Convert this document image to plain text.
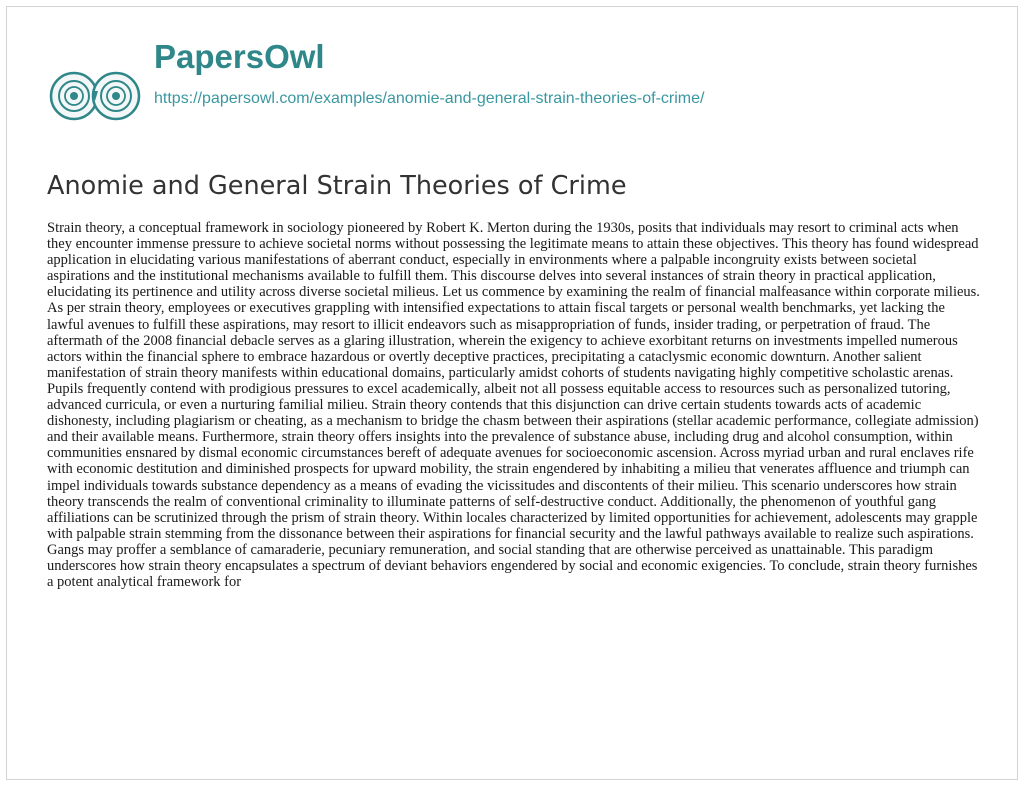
PapersOwl
https://papersowl.com/examples/anomie-and-general-strain-theories-of-crime/
Anomie and General Strain Theories of Crime

Strain theory, a conceptual framework in sociology pioneered by Robert K. Merton during the 1930s, posits that individuals may resort to criminal acts when they encounter immense pressure to achieve societal norms without possessing the legitimate means to attain these objectives. This theory has found widespread application in elucidating various manifestations of aberrant conduct, especially in environments where a palpable incongruity exists between societal aspirations and the institutional mechanisms available to fulfill them. This discourse delves into several instances of strain theory in practical application, elucidating its pertinence and utility across diverse societal milieus. Let us commence by examining the realm of financial malfeasance within corporate milieus. As per strain theory, employees or executives grappling with intensified expectations to attain fiscal targets or personal wealth benchmarks, yet lacking the lawful avenues to fulfill these aspirations, may resort to illicit endeavors such as misappropriation of funds, insider trading, or perpetration of fraud. The aftermath of the 2008 financial debacle serves as a glaring illustration, wherein the exigency to achieve exorbitant returns on investments impelled numerous actors within the financial sphere to embrace hazardous or overtly deceptive practices, precipitating a cataclysmic economic downturn. Another salient manifestation of strain theory manifests within educational domains, particularly amidst cohorts of students navigating highly competitive scholastic arenas. Pupils frequently contend with prodigious pressures to excel academically, albeit not all possess equitable access to resources such as personalized tutoring, advanced curricula, or even a nurturing familial milieu. Strain theory contends that this disjunction can drive certain students towards acts of academic dishonesty, including plagiarism or cheating, as a mechanism to bridge the chasm between their aspirations (stellar academic performance, collegiate admission) and their available means. Furthermore, strain theory offers insights into the prevalence of substance abuse, including drug and alcohol consumption, within communities ensnared by dismal economic circumstances bereft of adequate avenues for socioeconomic ascension. Across myriad urban and rural enclaves rife with economic destitution and diminished prospects for upward mobility, the strain engendered by inhabiting a milieu that venerates affluence and triumph can impel individuals towards substance dependency as a means of evading the vicissitudes and discontents of their milieu. This scenario underscores how strain theory transcends the realm of conventional criminality to illuminate patterns of self-destructive conduct. Additionally, the phenomenon of youthful gang affiliations can be scrutinized through the prism of strain theory. Within locales characterized by limited opportunities for achievement, adolescents may grapple with palpable strain stemming from the dissonance between their aspirations for financial security and the lawful pathways available to realize such aspirations. Gangs may proffer a semblance of camaraderie, pecuniary remuneration, and social standing that are otherwise perceived as unattainable. This paradigm underscores how strain theory encapsulates a spectrum of deviant behaviors engendered by social and economic exigencies. To conclude, strain theory furnishes a potent analytical framework for
